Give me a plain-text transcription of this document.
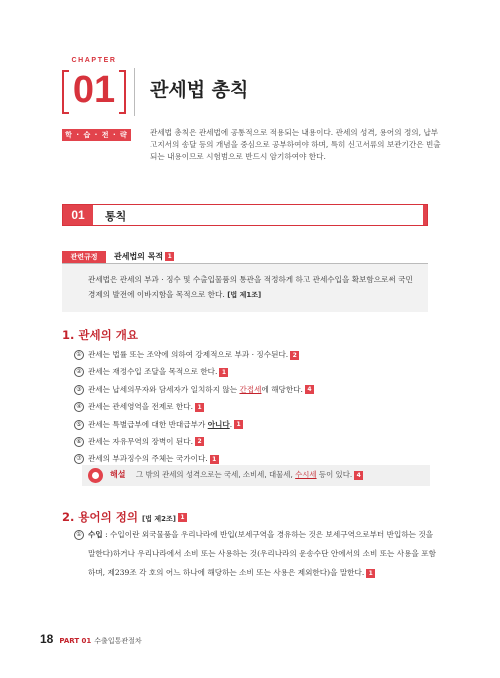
CHAPTER
01	관세법 총칙
학 · 습 · 전 · 략	관세법 총칙은 관세법에 공통적으로 적용되는 내용이다. 관세의 성격, 용어의 정의, 납부고지서의 송달 등의 개념을 중심으로 공부하여야 하며, 특히 신고서류의 보관기간은 빈출되는 내용이므로 시험범으로 반드시 암기하여야 한다.
01	통칙
관련규정	관세법의 목적 1
관세법은 관세의 부과 · 징수 및 수출입물품의 통관을 적정하게 하고 관세수입을 확보함으로써 국민경제의 발전에 이바지함을 목적으로 한다. [법 제1조]
1. 관세의 개요
① 관세는 법률 또는 조약에 의하여 강제적으로 부과 · 징수된다. 2
② 관세는 재정수입 조달을 목적으로 한다. 1
③ 관세는 납세의무자와 담세자가 일치하지 않는 간접세에 해당한다. 4
④ 관세는 관세영역을 전제로 한다. 1
⑤ 관세는 특별급부에 대한 반대급부가 아니다. 1
⑥ 관세는 자유무역의 장벽이 된다. 2
⑦ 관세의 부과징수의 주체는 국가이다. 1
해설 그 밖의 관세의 성격으로는 국세, 소비세, 대물세, 수시세 등이 있다. 4
2. 용어의 정의 [법 제2조] 1
① 수입 : 수입이란 외국물품을 우리나라에 반입(보세구역을 경유하는 것은 보세구역으로부터 반입하는 것을 말한다)하거나 우리나라에서 소비 또는 사용하는 것(우리나라의 운송수단 안에서의 소비 또는 사용을 포함하며, 제239조 각 호의 어느 하나에 해당하는 소비 또는 사용은 제외한다)을 말한다. 1
18 PART 01 수출입통관절차
